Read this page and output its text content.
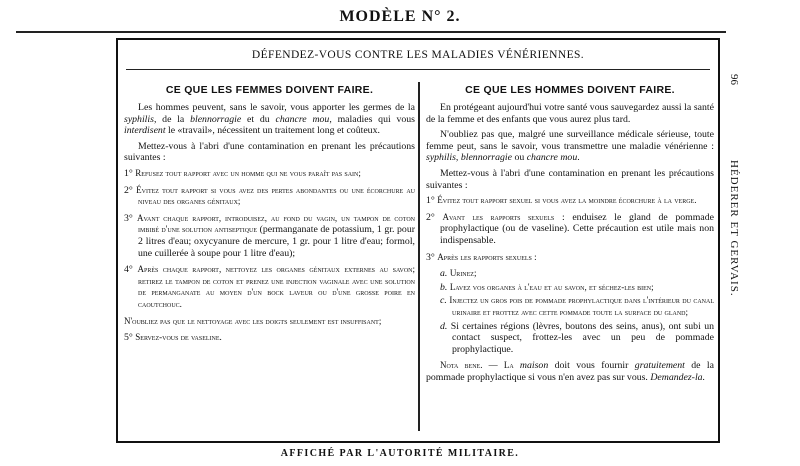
MODÈLE N° 2.
DÉFENDEZ-VOUS CONTRE LES MALADIES VÉNÉRIENNES.
CE QUE LES FEMMES DOIVENT FAIRE.

Les hommes peuvent, sans le savoir, vous apporter les germes de la syphilis, de la blennorragie et du chancre mou, maladies qui vous interdisent le «travail», nécessitent un traitement long et coûteux.

Mettez-vous à l'abri d'une contamination en prenant les précautions suivantes :

1° Refusez tout rapport avec un homme qui ne vous paraît pas sain;

2° Évitez tout rapport si vous avez des pertes abondantes ou une écorchure au niveau des organes génitaux;

3° Avant chaque rapport, introduisez, au fond du vagin, un tampon de coton imbibé d'une solution antiseptique (permanganate de potassium, 1 gr. pour 2 litres d'eau; oxycyanure de mercure, 1 gr. pour 1 litre d'eau; formol, une cuillerée à soupe pour 1 litre d'eau);

4° Après chaque rapport, nettoyez les organes génitaux externes au savon; retirez le tampon de coton et prenez une injection vaginale avec une solution de permanganate au moyen d'un bock laveur ou d'une grosse poire en caoutchouc.

N'oubliez pas que le nettoyage avec les doigts seulement est insuffisant;

5° Servez-vous de vaseline.

CE QUE LES HOMMES DOIVENT FAIRE.

En protégeant aujourd'hui votre santé vous sauvegardez aussi la santé de la femme et des enfants que vous aurez plus tard.

N'oubliez pas que, malgré une surveillance médicale sérieuse, toute femme peut, sans le savoir, vous transmettre une maladie vénérienne : syphilis, blennorragie ou chancre mou.

Mettez-vous à l'abri d'une contamination en prenant les précautions suivantes :

1° Évitez tout rapport sexuel si vous avez la moindre écorchure à la verge.

2° Avant les rapports sexuels : enduisez le gland de pommade prophylactique (ou de vaseline). Cette précaution est utile mais non indispensable.

3° Après les rapports sexuels :

a. Urinez;

b. Lavez vos organes à l'eau et au savon, et séchez-les bien;

c. Injectez un gros pois de pommade prophylactique dans l'intérieur du canal urinaire et frottez avec cette pommade toute la surface du gland;

d. Si certaines régions (lèvres, boutons des seins, anus), ont subi un contact suspect, frottez-les avec un peu de pommade prophylactique.

Nota bene. — La maison doit vous fournir gratuitement de la pommade prophylactique si vous n'en avez pas sur vous. Demandez-la.

96
HÉDERER ET GERVAIS.
AFFICHÉ PAR L'AUTORITÉ MILITAIRE.
